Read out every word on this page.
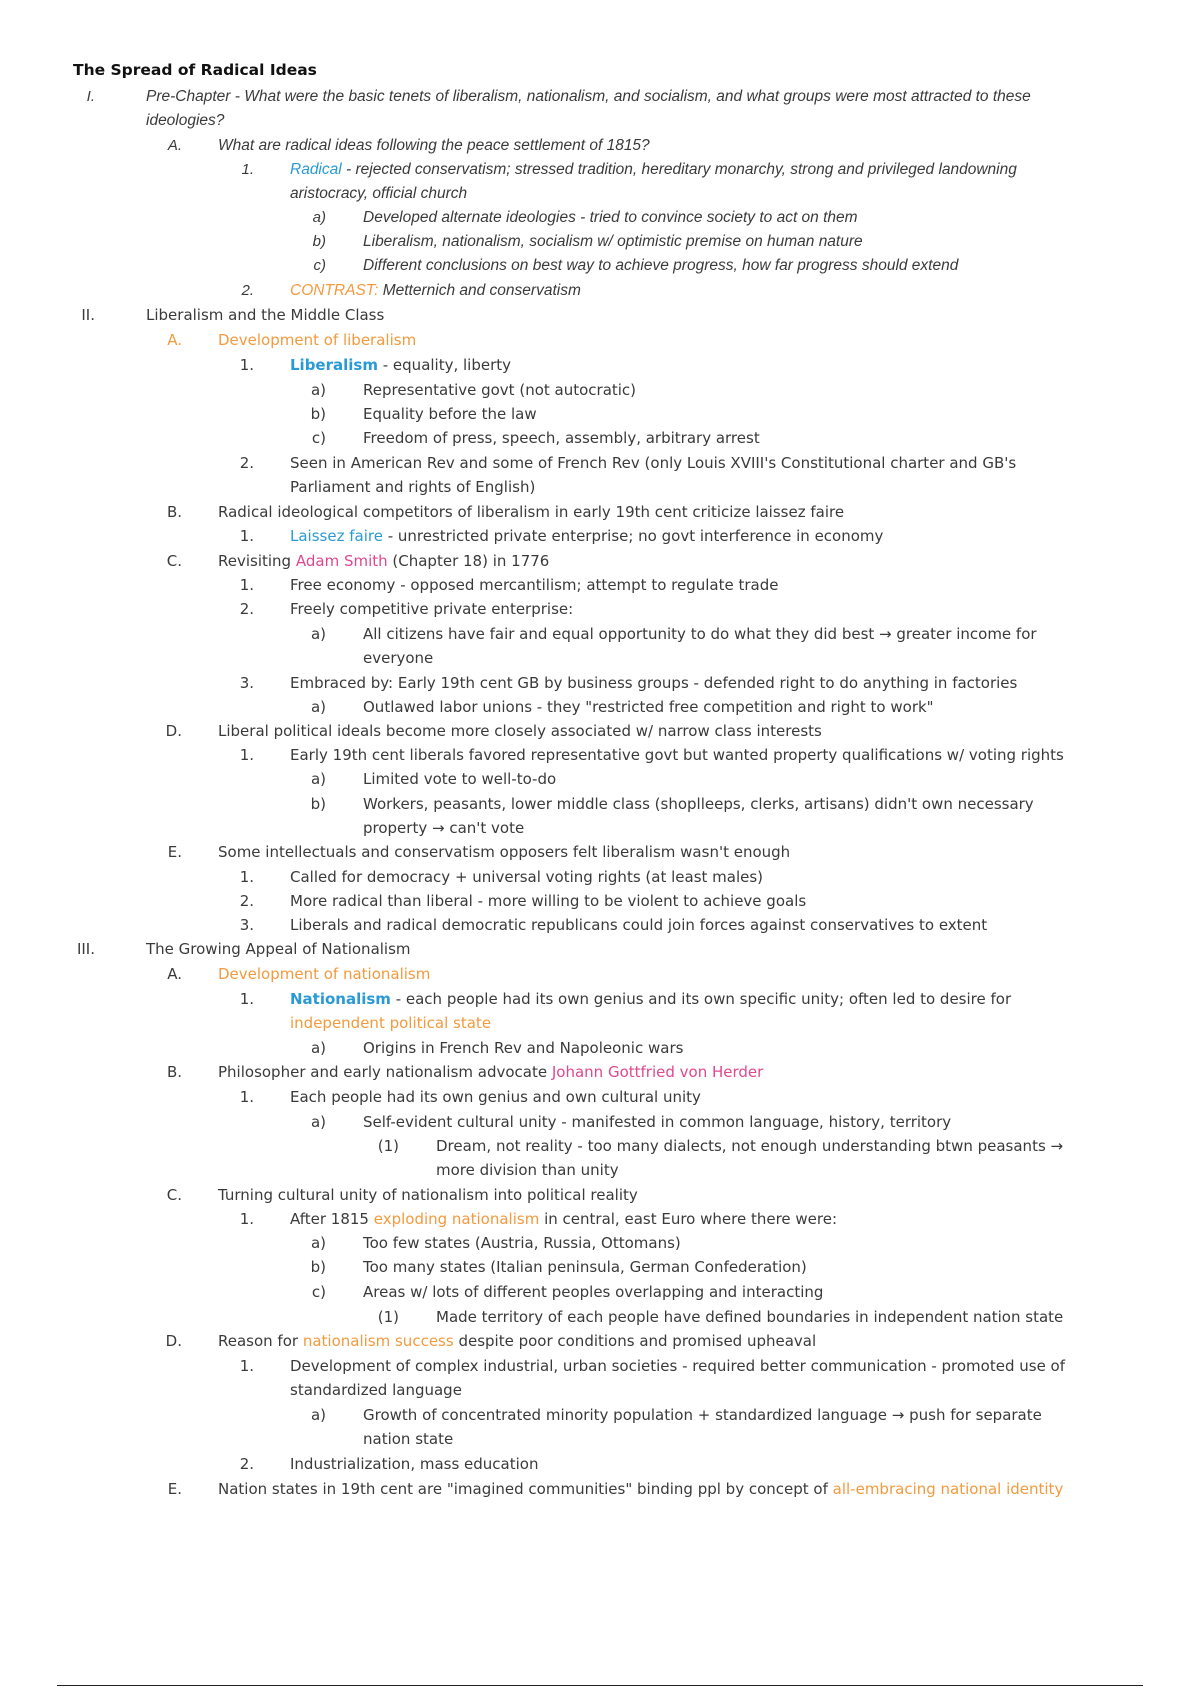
The Spread of Radical Ideas
I.	Pre-Chapter - What were the basic tenets of liberalism, nationalism, and socialism, and what groups were most attracted to these
ideologies?
A. What are radical ideas following the peace settlement of 1815?
1. Radical - rejected conservatism; stressed tradition, hereditary monarchy, strong and privileged landowning
aristocracy, official church
a) Developed alternate ideologies - tried to convince society to act on them
b) Liberalism, nationalism, socialism w/ optimistic premise on human nature
c) Different conclusions on best way to achieve progress, how far progress should extend
2. CONTRAST: Metternich and conservatism
II.	Liberalism and the Middle Class
A. Development of liberalism
1. Liberalism - equality, liberty
a) Representative govt (not autocratic)
b) Equality before the law
c) Freedom of press, speech, assembly, arbitrary arrest
2. Seen in American Rev and some of French Rev (only Louis XVIII's Constitutional charter and GB's
Parliament and rights of English)
B. Radical ideological competitors of liberalism in early 19th cent criticize laissez faire
1. Laissez faire - unrestricted private enterprise; no govt interference in economy
C. Revisiting Adam Smith (Chapter 18) in 1776
1. Free economy - opposed mercantilism; attempt to regulate trade
2. Freely competitive private enterprise:
a) All citizens have fair and equal opportunity to do what they did best → greater income for
everyone
3. Embraced by: Early 19th cent GB by business groups - defended right to do anything in factories
a) Outlawed labor unions - they "restricted free competition and right to work"
D. Liberal political ideals become more closely associated w/ narrow class interests
1. Early 19th cent liberals favored representative govt but wanted property qualifications w/ voting rights
a) Limited vote to well-to-do
b) Workers, peasants, lower middle class (shoplleeps, clerks, artisans) didn't own necessary
property → can't vote
E. Some intellectuals and conservatism opposers felt liberalism wasn't enough
1. Called for democracy + universal voting rights (at least males)
2. More radical than liberal - more willing to be violent to achieve goals
3. Liberals and radical democratic republicans could join forces against conservatives to extent
III.	The Growing Appeal of Nationalism
A. Development of nationalism
1. Nationalism - each people had its own genius and its own specific unity; often led to desire for
independent political state
a) Origins in French Rev and Napoleonic wars
B. Philosopher and early nationalism advocate Johann Gottfried von Herder
1. Each people had its own genius and own cultural unity
a) Self-evident cultural unity - manifested in common language, history, territory
(1) Dream, not reality - too many dialects, not enough understanding btwn peasants →
more division than unity
C. Turning cultural unity of nationalism into political reality
1. After 1815 exploding nationalism in central, east Euro where there were:
a) Too few states (Austria, Russia, Ottomans)
b) Too many states (Italian peninsula, German Confederation)
c) Areas w/ lots of different peoples overlapping and interacting
(1) Made territory of each people have defined boundaries in independent nation state
D. Reason for nationalism success despite poor conditions and promised upheaval
1. Development of complex industrial, urban societies - required better communication - promoted use of
standardized language
a) Growth of concentrated minority population + standardized language → push for separate
nation state
2. Industrialization, mass education
E. Nation states in 19th cent are "imagined communities" binding ppl by concept of all-embracing national identity
